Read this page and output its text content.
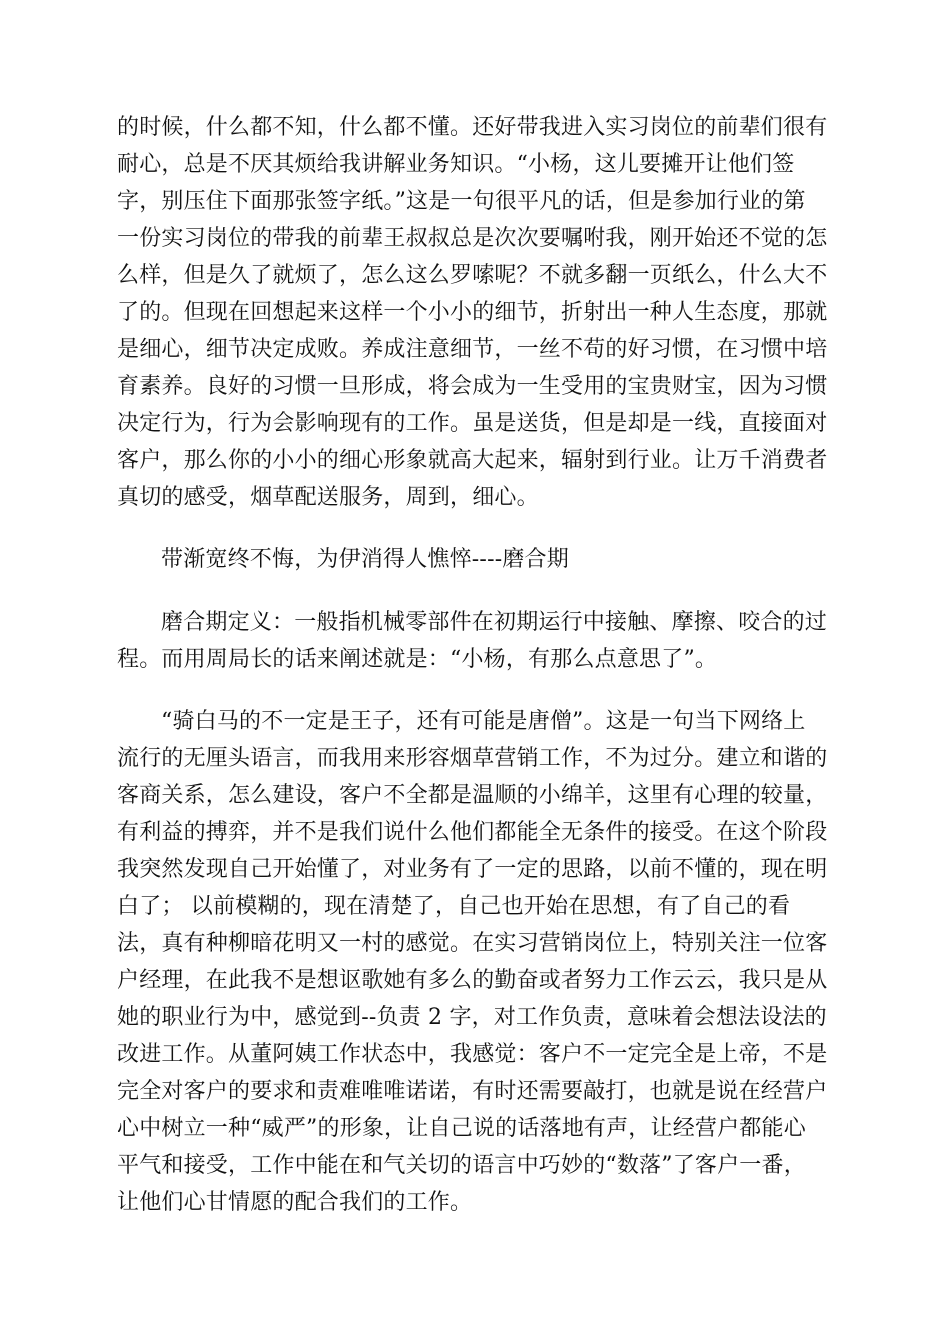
的时候，什么都不知，什么都不懂。还好带我进入实习岗位的前辈们很有
耐心，总是不厌其烦给我讲解业务知识。“小杨，这儿要摊开让他们签
字，别压住下面那张签字纸。”这是一句很平凡的话，但是参加行业的第
一份实习岗位的带我的前辈王叔叔总是次次要嘱咐我，刚开始还不觉的怎
么样，但是久了就烦了，怎么这么罗嗦呢？不就多翻一页纸么，什么大不
了的。但现在回想起来这样一个小小的细节，折射出一种人生态度，那就
是细心，细节决定成败。养成注意细节，一丝不苟的好习惯，在习惯中培
育素养。良好的习惯一旦形成，将会成为一生受用的宝贵财宝，因为习惯
决定行为，行为会影响现有的工作。虽是送货，但是却是一线，直接面对
客户，那么你的小小的细心形象就高大起来，辐射到行业。让万千消费者
真切的感受，烟草配送服务，周到，细心。
带渐宽终不悔，为伊消得人憔悴----磨合期
磨合期定义：一般指机械零部件在初期运行中接触、摩擦、咬合的过
程。而用周局长的话来阐述就是：“小杨，有那么点意思了”。
“骑白马的不一定是王子，还有可能是唐僧”。这是一句当下网络上
流行的无厘头语言，而我用来形容烟草营销工作，不为过分。建立和谐的
客商关系，怎么建设，客户不全都是温顺的小绵羊，这里有心理的较量，
有利益的搏弈，并不是我们说什么他们都能全无条件的接受。在这个阶段
我突然发现自己开始懂了，对业务有了一定的思路，以前不懂的，现在明
白了； 以前模糊的，现在清楚了，自己也开始在思想，有了自己的看
法，真有种柳暗花明又一村的感觉。在实习营销岗位上，特别关注一位客
户经理，在此我不是想讴歌她有多么的勤奋或者努力工作云云，我只是从
她的职业行为中，感觉到--负责 2 字，对工作负责，意味着会想法设法的
改进工作。从董阿姨工作状态中，我感觉：客户不一定完全是上帝，不是
完全对客户的要求和责难唯唯诺诺，有时还需要敲打，也就是说在经营户
心中树立一种“威严”的形象，让自己说的话落地有声，让经营户都能心
平气和接受，工作中能在和气关切的语言中巧妙的“数落”了客户一番，
让他们心甘情愿的配合我们的工作。
